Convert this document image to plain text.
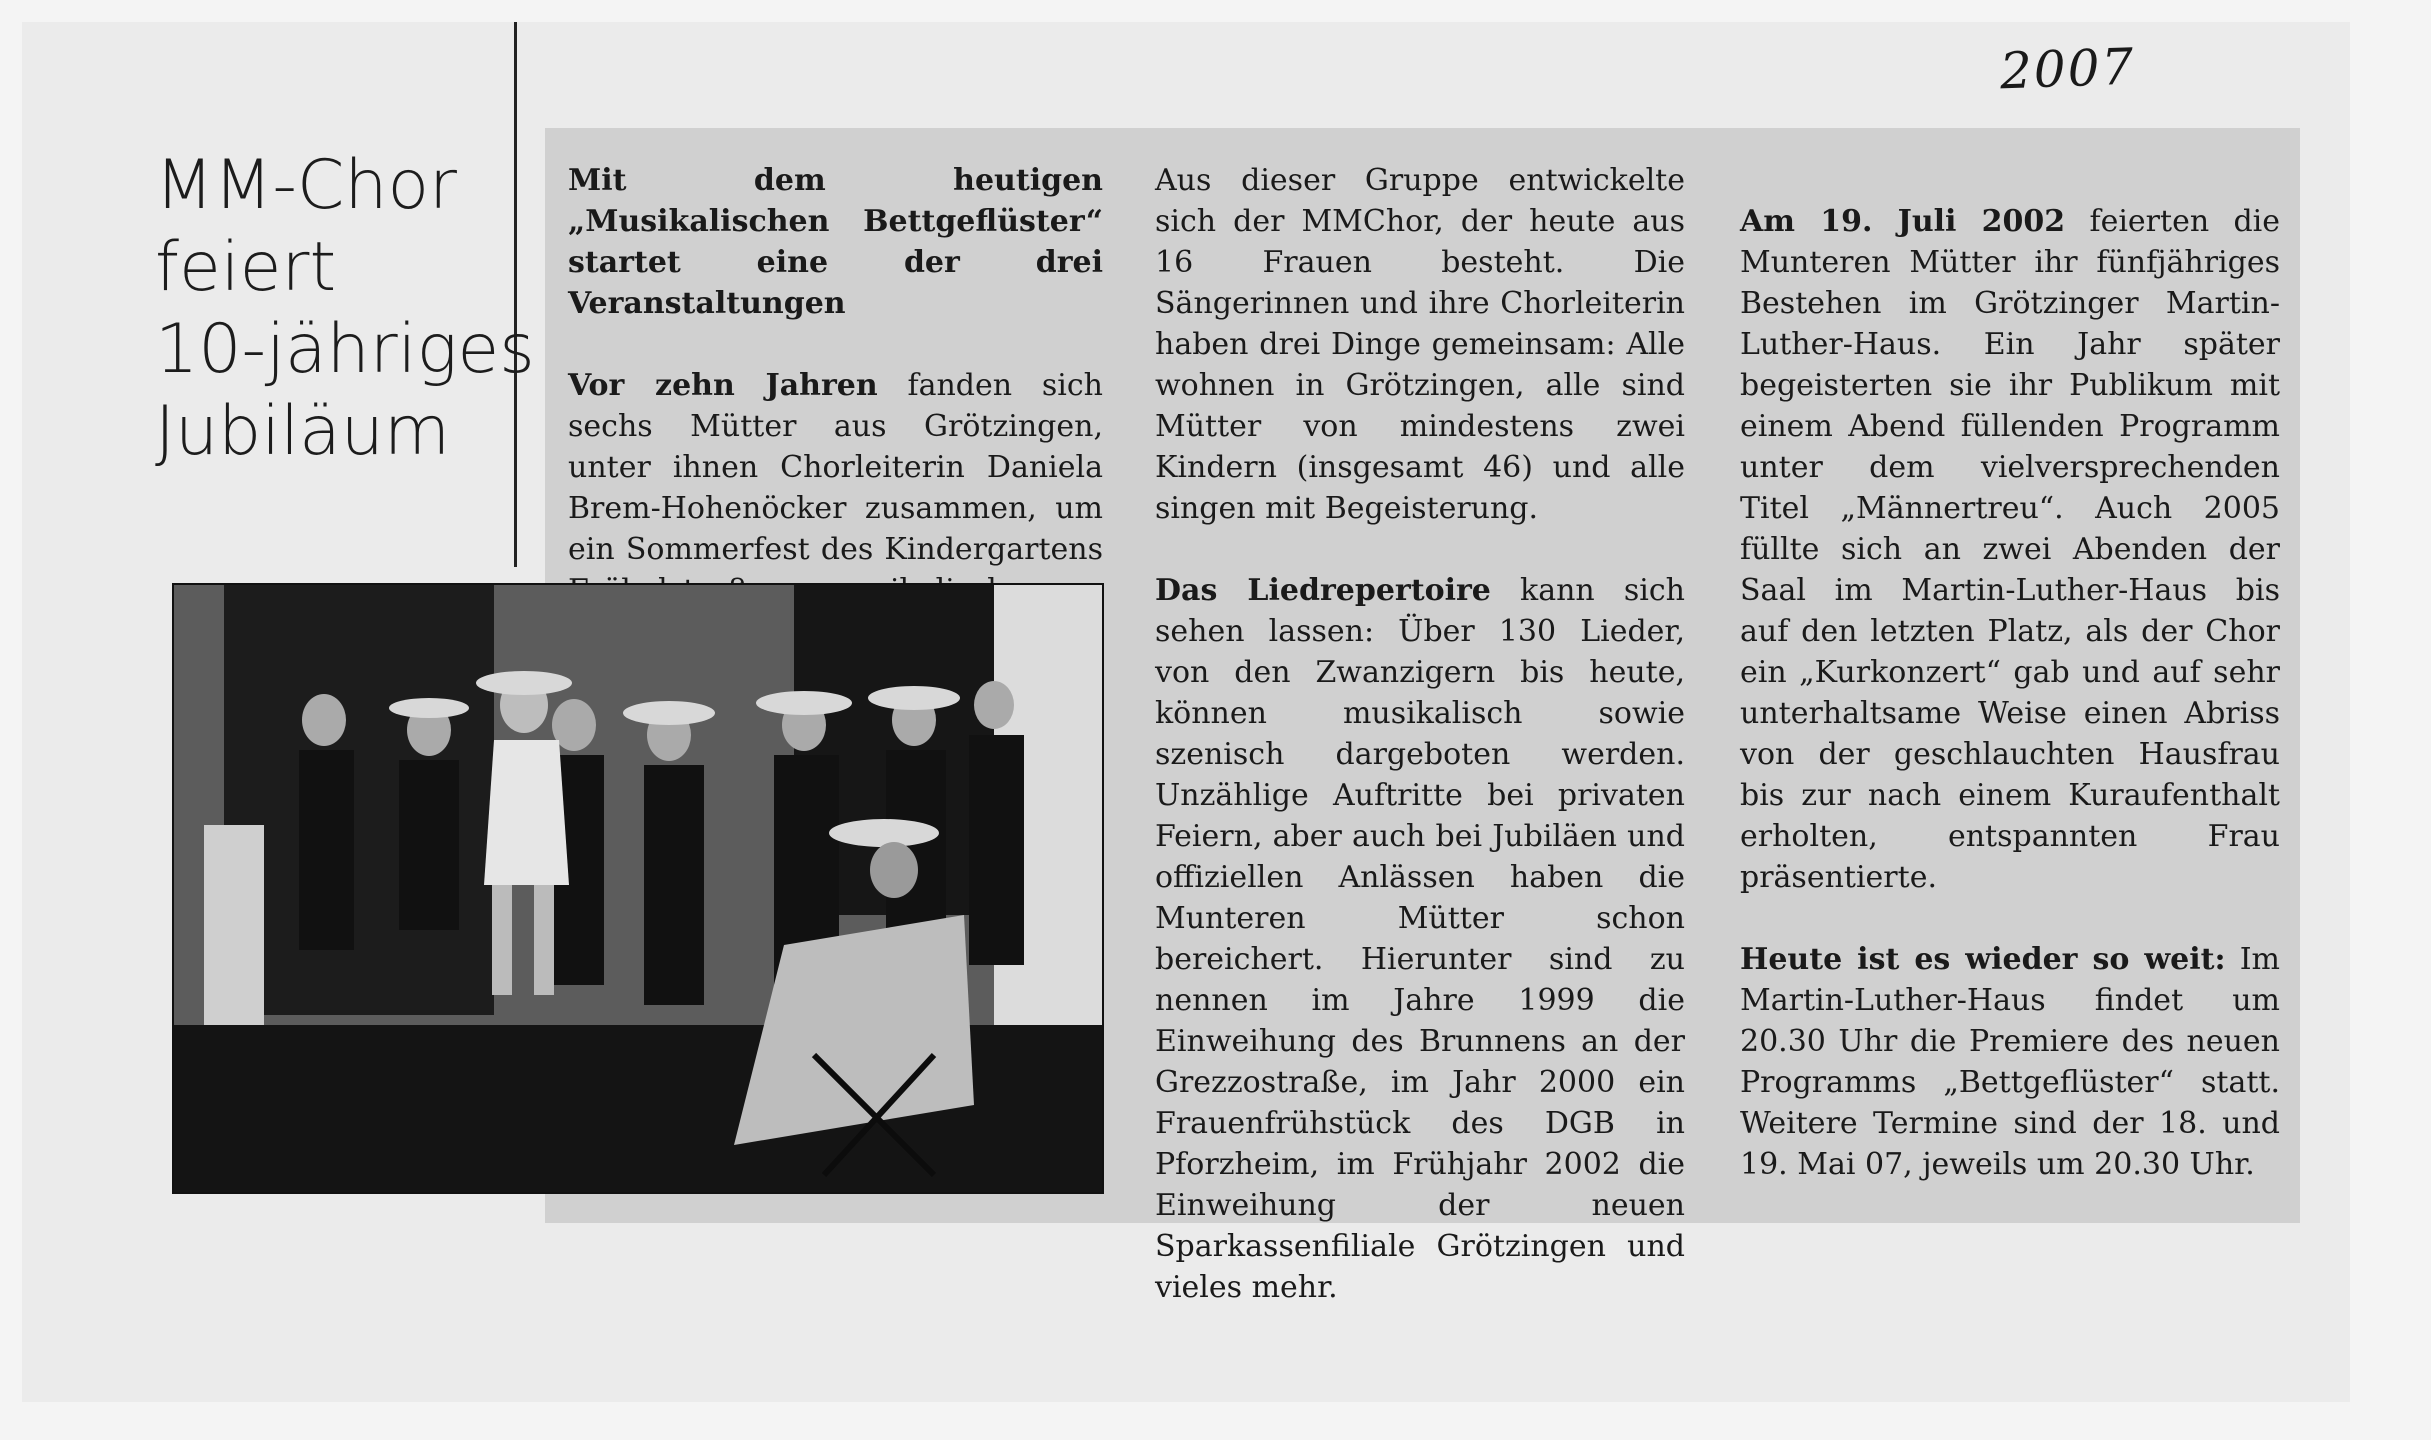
2007
MM-Chor
feiert
10-jähriges
Jubiläum

Mit dem heutigen „Musikalischen Bettgeflüster“ startet eine der drei Veranstaltungen

Vor zehn Jahren fanden sich sechs Mütter aus Grötzingen, unter ihnen Chorleiterin Daniela Brem-Hohenöcker zusammen, um ein Sommerfest des Kindergartens

Aus dieser Gruppe entwickelte sich der MMChor, der heute aus 16 Frauen besteht. Die Sängerinnen und ihre Chorleiterin haben drei Dinge gemeinsam: Alle wohnen in Grötzingen, alle sind Mütter von mindestens zwei Kindern (insgesamt 46) und alle singen mit Begeisterung.

Das Liedrepertoire kann sich sehen lassen: Über 130 Lieder, von den Zwanzigern bis heute, können musikalisch sowie szenisch dargeboten werden. Unzählige Auftritte bei privaten Feiern, aber auch bei Jubiläen und offiziellen Anlässen haben die Munteren Mütter schon bereichert. Hierunter sind zu nennen im Jahre 1999 die Einweihung des Brunnens an der Grezzostraße, im Jahr 2000 ein Frauenfrühstück des DGB in Pforzheim, im Frühjahr 2002 die Einweihung der neuen Sparkassenfiliale Grötzingen und vieles mehr.

Am 19. Juli 2002 feierten die Munteren Mütter ihr fünfjähriges Bestehen im Grötzinger Martin-Luther-Haus. Ein Jahr später begeisterten sie ihr Publikum mit einem Abend füllenden Programm unter dem vielversprechenden Titel „Männertreu“. Auch 2005 füllte sich an zwei Abenden der Saal im Martin-Luther-Haus bis auf den letzten Platz, als der Chor ein „Kurkonzert“ gab und auf sehr unterhaltsame Weise einen Abriss von der geschlauchten Hausfrau bis zur nach einem Kuraufenthalt erholten, entspannten Frau präsentierte.

Heute ist es wieder so weit: Im Martin-Luther-Haus findet um 20.30 Uhr die Premiere des neuen Programms „Bettgeflüster“ statt. Weitere Termine sind der 18. und 19. Mai 07, jeweils um 20.30 Uhr.
